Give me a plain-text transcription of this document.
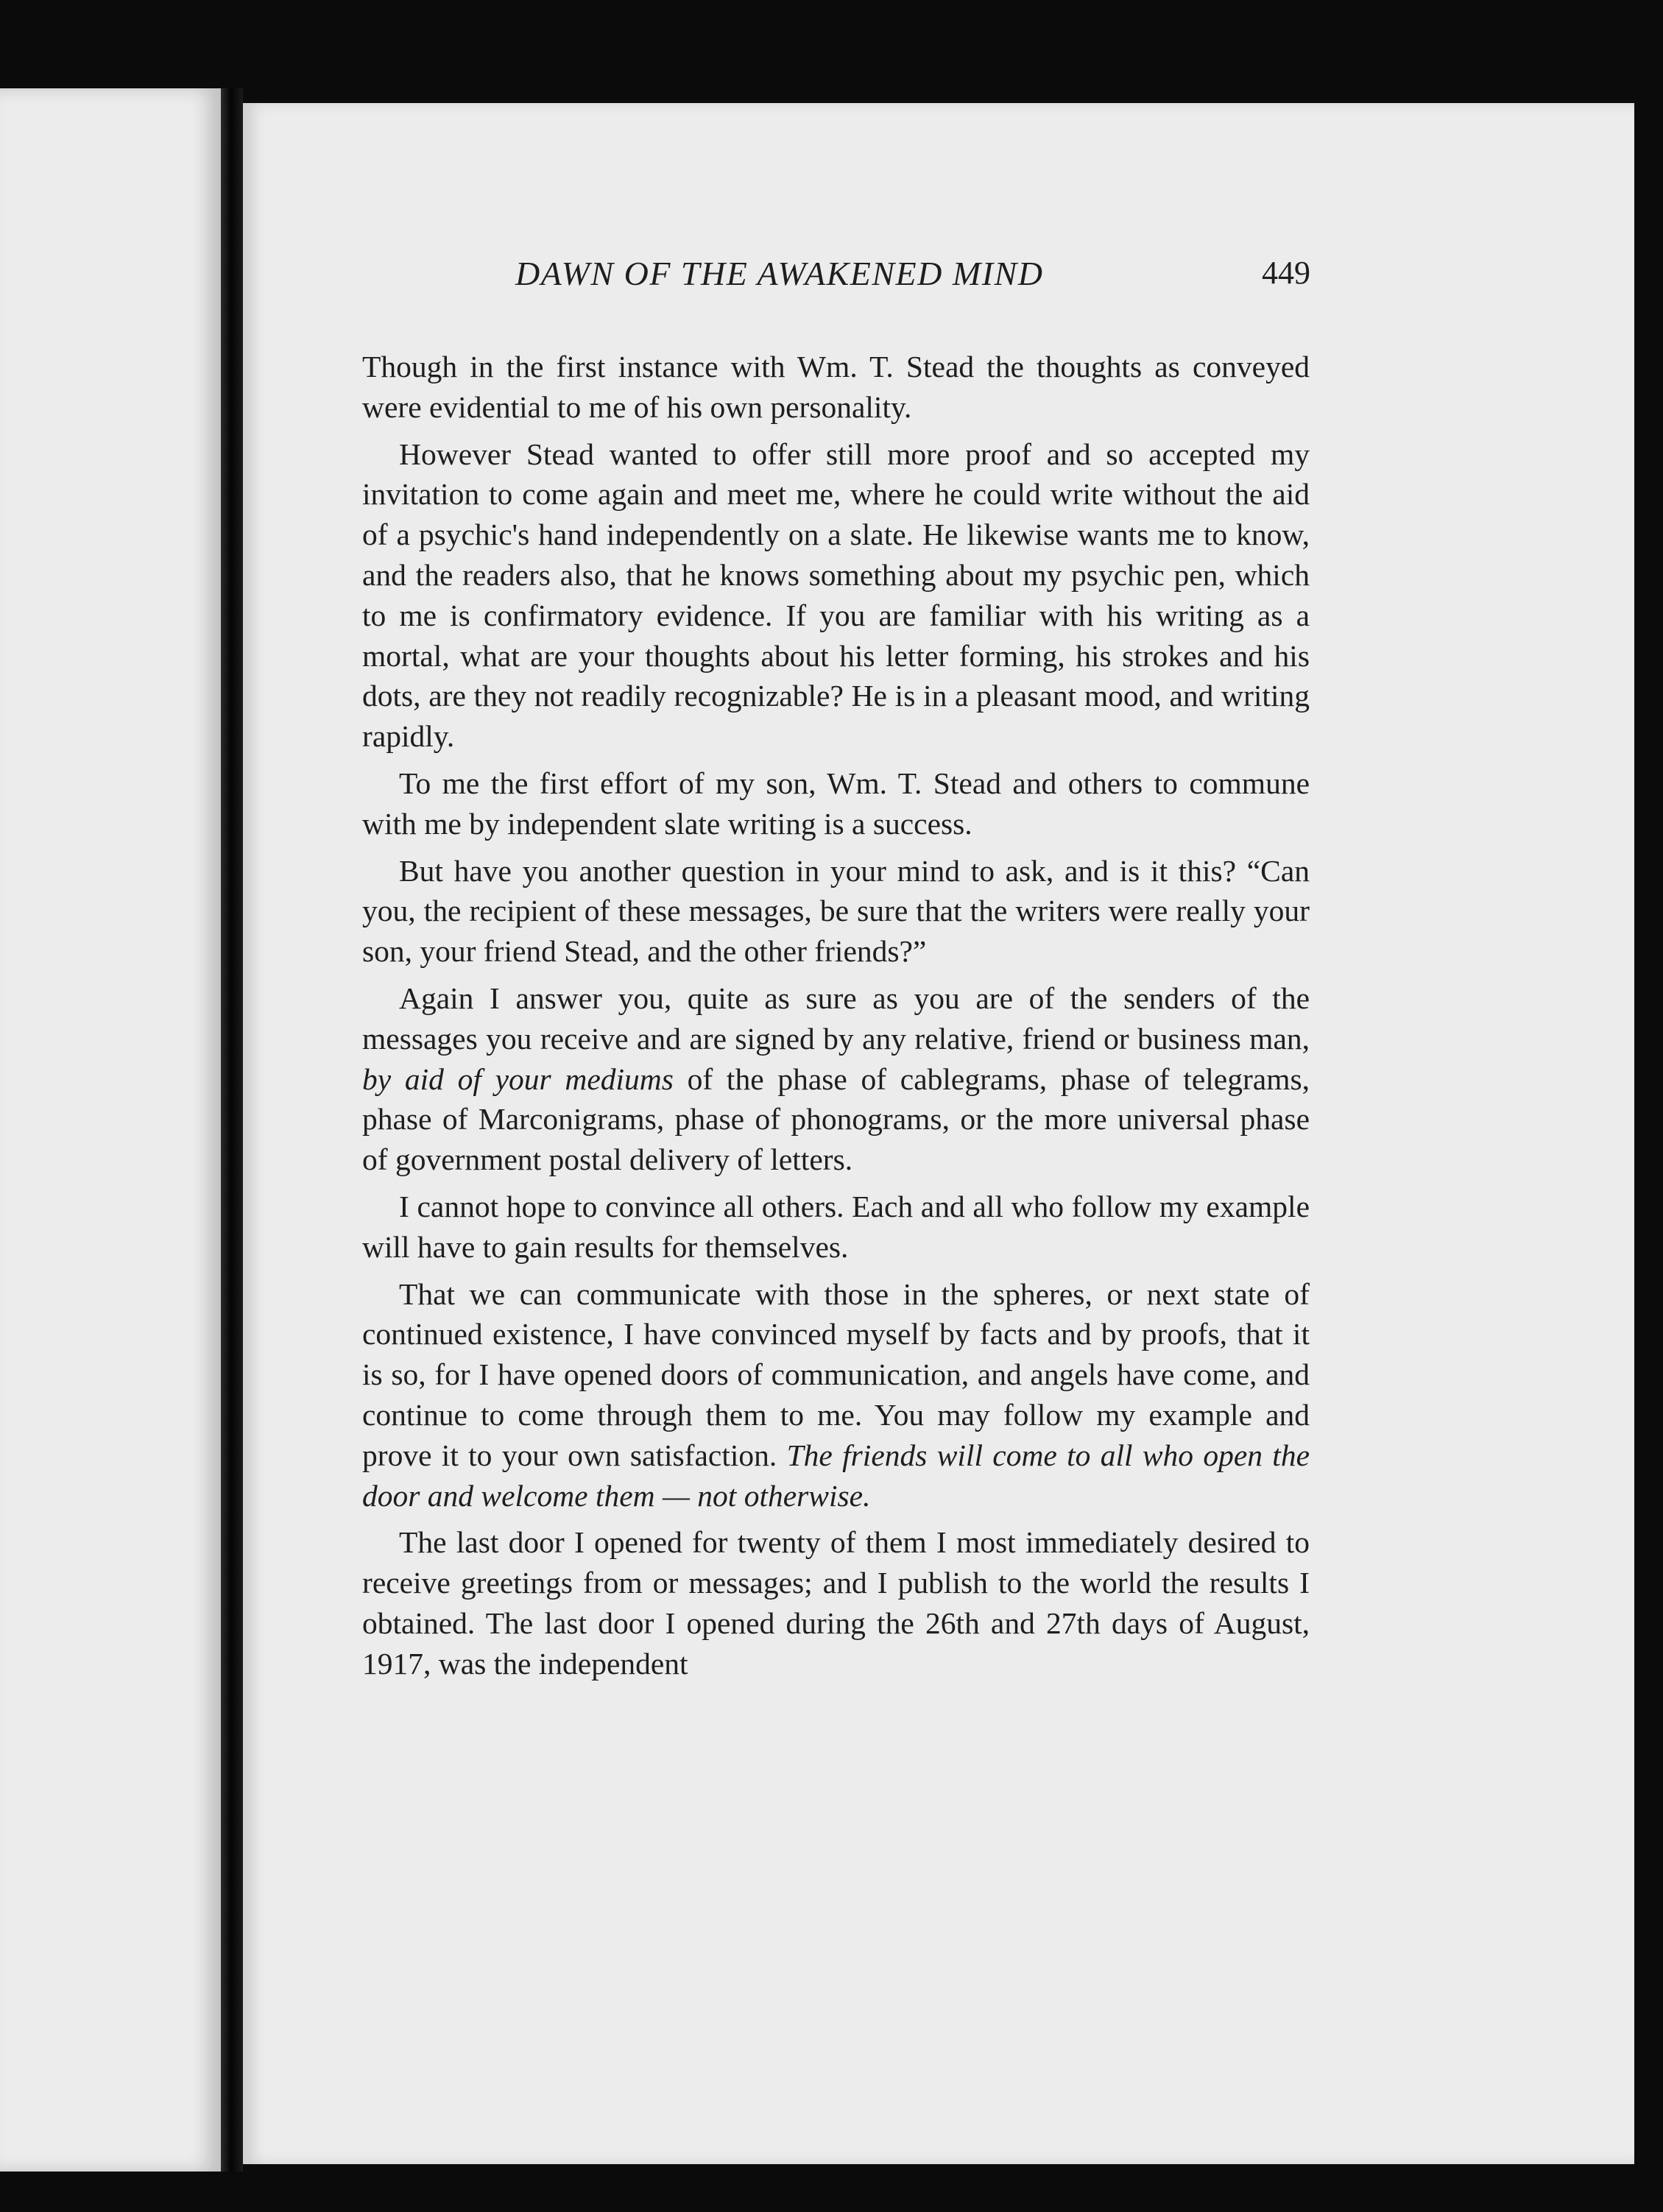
DAWN OF THE AWAKENED MIND	449

Though in the first instance with Wm. T. Stead the thoughts as conveyed were evidential to me of his own personality.

However Stead wanted to offer still more proof and so accepted my invitation to come again and meet me, where he could write without the aid of a psychic's hand independently on a slate. He likewise wants me to know, and the readers also, that he knows something about my psychic pen, which to me is confirmatory evidence. If you are familiar with his writing as a mortal, what are your thoughts about his letter forming, his strokes and his dots, are they not readily recognizable? He is in a pleasant mood, and writing rapidly.

To me the first effort of my son, Wm. T. Stead and others to commune with me by independent slate writing is a success.

But have you another question in your mind to ask, and is it this? “Can you, the recipient of these messages, be sure that the writers were really your son, your friend Stead, and the other friends?”

Again I answer you, quite as sure as you are of the senders of the messages you receive and are signed by any relative, friend or business man, by aid of your mediums of the phase of cablegrams, phase of telegrams, phase of Marconigrams, phase of phonograms, or the more universal phase of government postal delivery of letters.

I cannot hope to convince all others. Each and all who follow my example will have to gain results for themselves.

That we can communicate with those in the spheres, or next state of continued existence, I have convinced myself by facts and by proofs, that it is so, for I have opened doors of communication, and angels have come, and continue to come through them to me. You may follow my example and prove it to your own satisfaction. The friends will come to all who open the door and welcome them — not otherwise.

The last door I opened for twenty of them I most immediately desired to receive greetings from or messages; and I publish to the world the results I obtained. The last door I opened during the 26th and 27th days of August, 1917, was the independent
